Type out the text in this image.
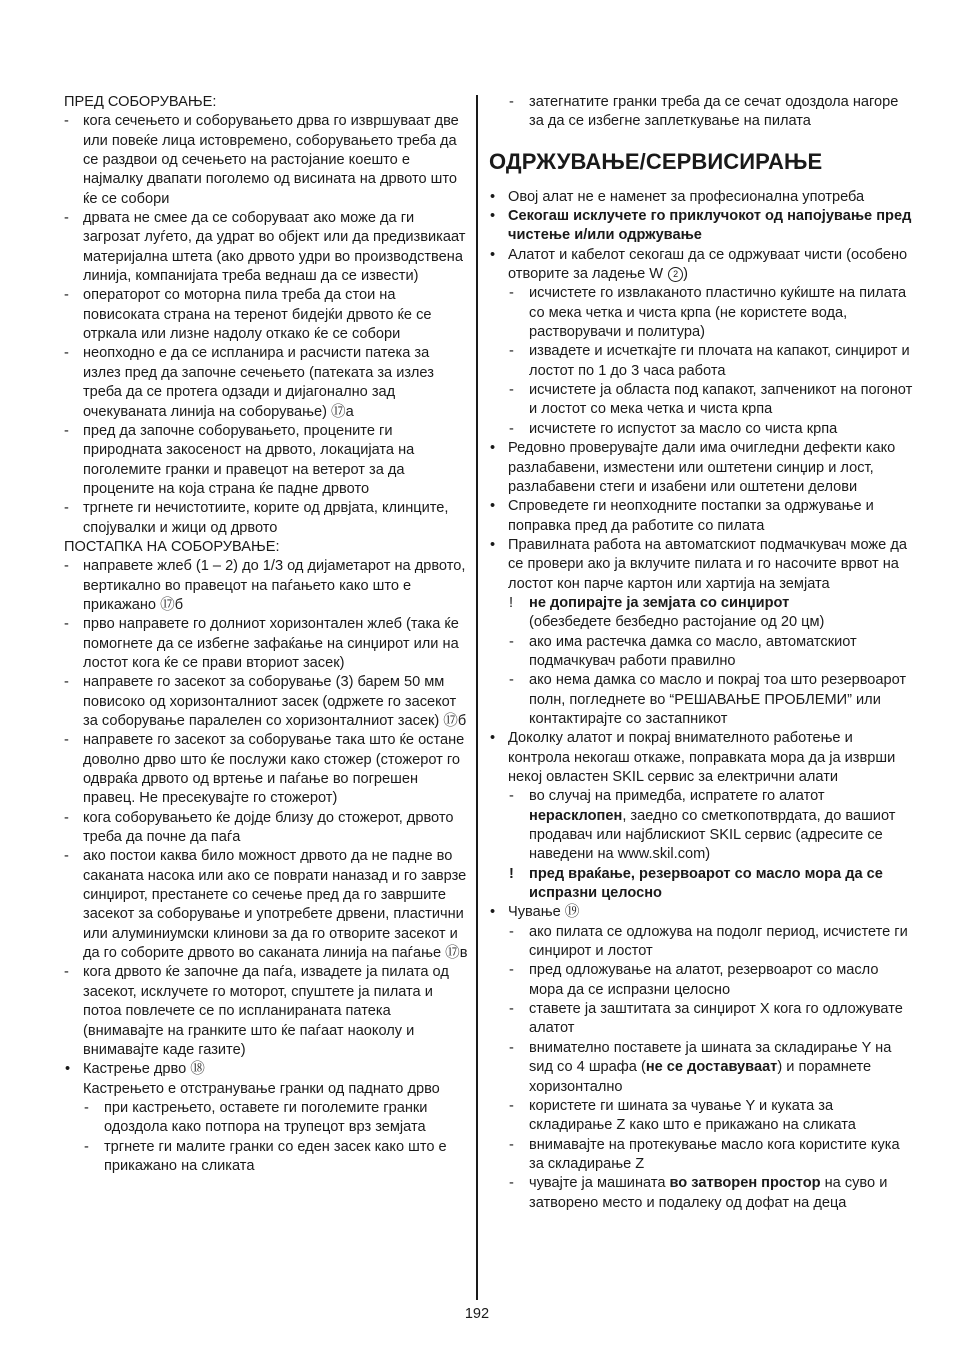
ПРЕД СОБОРУВАЊЕ:
- кога сечењето и соборувањето дрва го извршуваат две или повеќе лица истовремено, соборувањето треба да се раздвои од сечењето на растојание коешто е најмалку двапати поголемо од висината на дрвото што ќе се собори
- дрвата не смее да се соборуваат ако може да ги загрозат луѓето, да удрат во објект или да предизвикаат материјална штета (ако дрвото удри во производствена линија, компанијата треба веднаш да се извести)
- операторот со моторна пила треба да стои на повисоката страна на теренот бидејќи дрвото ќе се отркала или лизне надолу откако ќе се собори
- неопходно е да се испланира и расчисти патека за излез пред да започне сечењето (патеката за излез треба да се протега одзади и дијагонално зад очекуваната линија на соборување) ⑰а
- пред да започне соборувањето, процените ги природната закосеност на дрвото, локацијата на поголемите гранки и правецот на ветерот за да процените на која страна ќе падне дрвото
- тргнете ги нечистотиите, корите од дрвјата, клинците, спојувалки и жици од дрвото
ПОСТАПКА НА СОБОРУВАЊЕ:
- направете жлеб (1 – 2) до 1/3 од дијаметарот на дрвото, вертикално во правецот на паѓањето како што е прикажано ⑰б
- прво направете го долниот хоризонтален жлеб (така ќе помогнете да се избегне зафаќање на синџирот или на лостот кога ќе се прави вториот засек)
- направете го засекот за соборување (3) барем 50 мм повисоко од хоризонталниот засек (одржете го засекот за соборување паралелен со хоризонталниот засек) ⑰б
- направете го засекот за соборување така што ќе остане доволно дрво што ќе послужи како стожер (стожерот го одвраќа дрвото од вртење и паѓање во погрешен правец. Не пресекувајте го стожерот)
- кога соборувањето ќе дојде близу до стожерот, дрвото треба да почне да паѓа
- ако постои каква било можност дрвото да не падне во саканата насока или ако се поврати наназад и го заврзе синџирот, престанете со сечење пред да го завршите засекот за соборување и употребете дрвени, пластични или алуминиумски клинови за да го отворите засекот и да го соборите дрвото во саканата линија на паѓање ⑰в
- кога дрвото ќе започне да паѓа, извадете ја пилата од засекот, исклучете го моторот, спуштете ја пилата и потоа повлечете се по испланираната патека (внимавајте на гранките што ќе паѓаат наоколу и внимавајте каде газите)
• Кастрење дрво ⑱
Кастрењето е отстранување гранки од паднато дрво
- при кастрењето, оставете ги поголемите гранки одоздола како потпора на трупецот врз земјата
- тргнете ги малите гранки со еден засек како што е прикажано на сликата
- затегнатите гранки треба да се сечат одоздола нагоре за да се избегне заплеткување на пилата
ОДРЖУВАЊЕ/СЕРВИСИРАЊЕ
• Овој алат не е наменет за професионална употреба
• Секогаш исклучете го приклучокот од напојување пред чистење и/или одржување
• Алатот и кабелот секогаш да се одржуваат чисти (особено отворите за ладење W 2 )
- исчистете го извлаканото пластично куќиште на пилата со мека четка и чиста крпа (не користете вода, растворувачи и политура)
- извадете и исчеткајте ги плочата на капакот, синџирот и лостот по 1 до 3 часа работа
- исчистете ја областа под капакот, запченикот на погонот и лостот со мека четка и чиста крпа
- исчистете го испустот за масло со чиста крпа
• Редовно проверувајте дали има очигледни дефекти како разлабавени, изместени или оштетени синџир и лост, разлабавени стеги и изабени или оштетени делови
• Спроведете ги неопходните постапки за одржување и поправка пред да работите со пилата
• Правилната работа на автоматскиот подмачкувач може да се провери ако ја вклучите пилата и го насочите врвот на лостот кон парче картон или хартија на земјата
! не допирајте ја земјата со синџирот
(обезбедете безбедно растојание од 20 цм)
- ако има растечка дамка со масло, автоматскиот подмачкувач работи правилно
- ако нема дамка со масло и покрај тоа што резервоарот полн, погледнете во “РЕШАВАЊЕ ПРОБЛЕМИ” или контактирајте со застапникот
• Доколку алатот и покрај внимателното работење и контрола некогаш откаже, поправката мора да ја изврши некој овластен SKIL сервис за електрични алати
- во случај на примедба, испратете го алатот нерасклопен, заедно со сметкопотврдата, до вашиот продавач или најблискиот SKIL сервис (адресите се наведени на www.skil.com)
! пред враќање, резервоарот со масло мора да се испразни целосно
• Чување ⑲
- ако пилата се одложува на подолг период, исчистете ги синџирот и лостот
- пред одложување на алатот, резервоарот со масло мора да се испразни целосно
- ставете ја заштитата за синџирот X кога го одложувате алатот
- внимателно поставете ја шината за складирање Y на ѕид со 4 шрафа (не се доставуваат) и порамнете хоризонтално
- користете ги шината за чување Y и куката за складирање Z како што е прикажано на сликата
- внимавајте на протекување масло кога користите кука за складирање Z
- чувајте ја машината во затворен простор на суво и затворено место и подалеку од дофат на деца
192
